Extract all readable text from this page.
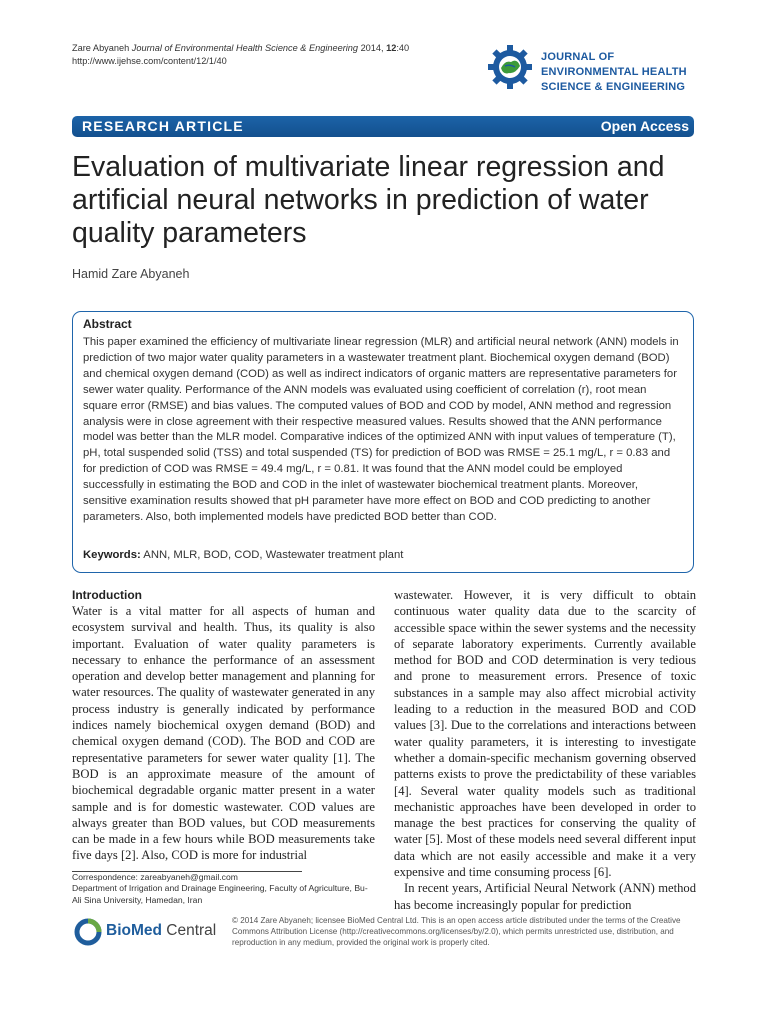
Zare Abyaneh Journal of Environmental Health Science & Engineering 2014, 12:40
http://www.ijehse.com/content/12/1/40	JOURNAL OF
ENVIRONMENTAL HEALTH
SCIENCE & ENGINEERING
RESEARCH ARTICLE	Open Access
Evaluation of multivariate linear regression and artificial neural networks in prediction of water quality parameters
Hamid Zare Abyaneh
Abstract
This paper examined the efficiency of multivariate linear regression (MLR) and artificial neural network (ANN) models in prediction of two major water quality parameters in a wastewater treatment plant. Biochemical oxygen demand (BOD) and chemical oxygen demand (COD) as well as indirect indicators of organic matters are representative parameters for sewer water quality. Performance of the ANN models was evaluated using coefficient of correlation (r), root mean square error (RMSE) and bias values. The computed values of BOD and COD by model, ANN method and regression analysis were in close agreement with their respective measured values. Results showed that the ANN performance model was better than the MLR model. Comparative indices of the optimized ANN with input values of temperature (T), pH, total suspended solid (TSS) and total suspended (TS) for prediction of BOD was RMSE = 25.1 mg/L, r = 0.83 and for prediction of COD was RMSE = 49.4 mg/L, r = 0.81. It was found that the ANN model could be employed successfully in estimating the BOD and COD in the inlet of wastewater biochemical treatment plants. Moreover, sensitive examination results showed that pH parameter have more effect on BOD and COD predicting to another parameters. Also, both implemented models have predicted BOD better than COD.
Keywords: ANN, MLR, BOD, COD, Wastewater treatment plant
Introduction

Water is a vital matter for all aspects of human and ecosystem survival and health. Thus, its quality is also important. Evaluation of water quality parameters is necessary to enhance the performance of an assessment operation and develop better management and planning for water resources. The quality of wastewater generated in any process industry is generally indicated by performance indices namely biochemical oxygen demand (BOD) and chemical oxygen demand (COD). The BOD and COD are representative parameters for sewer water quality [1]. The BOD is an approximate measure of the amount of biochemical degradable organic matter present in a water sample and is for domestic wastewater. COD values are always greater than BOD values, but COD measurements can be made in a few hours while BOD measurements take five days [2]. Also, COD is more for industrial

wastewater. However, it is very difficult to obtain continuous water quality data due to the scarcity of accessible space within the sewer systems and the necessity of separate laboratory experiments. Currently available method for BOD and COD determination is very tedious and prone to measurement errors. Presence of toxic substances in a sample may also affect microbial activity leading to a reduction in the measured BOD and COD values [3]. Due to the correlations and interactions between water quality parameters, it is interesting to investigate whether a domain-specific mechanism governing observed patterns exists to prove the predictability of these variables [4]. Several water quality models such as traditional mechanistic approaches have been developed in order to manage the best practices for conserving the quality of water [5]. Most of these models need several different input data which are not easily accessible and make it a very expensive and time consuming process [6].

In recent years, Artificial Neural Network (ANN) method has become increasingly popular for prediction

Correspondence: zareabyaneh@gmail.com
Department of Irrigation and Drainage Engineering, Faculty of Agriculture, Bu-Ali Sina University, Hamedan, Iran
BioMed Central
© 2014 Zare Abyaneh; licensee BioMed Central Ltd. This is an open access article distributed under the terms of the Creative Commons Attribution License (http://creativecommons.org/licenses/by/2.0), which permits unrestricted use, distribution, and reproduction in any medium, provided the original work is properly cited.
